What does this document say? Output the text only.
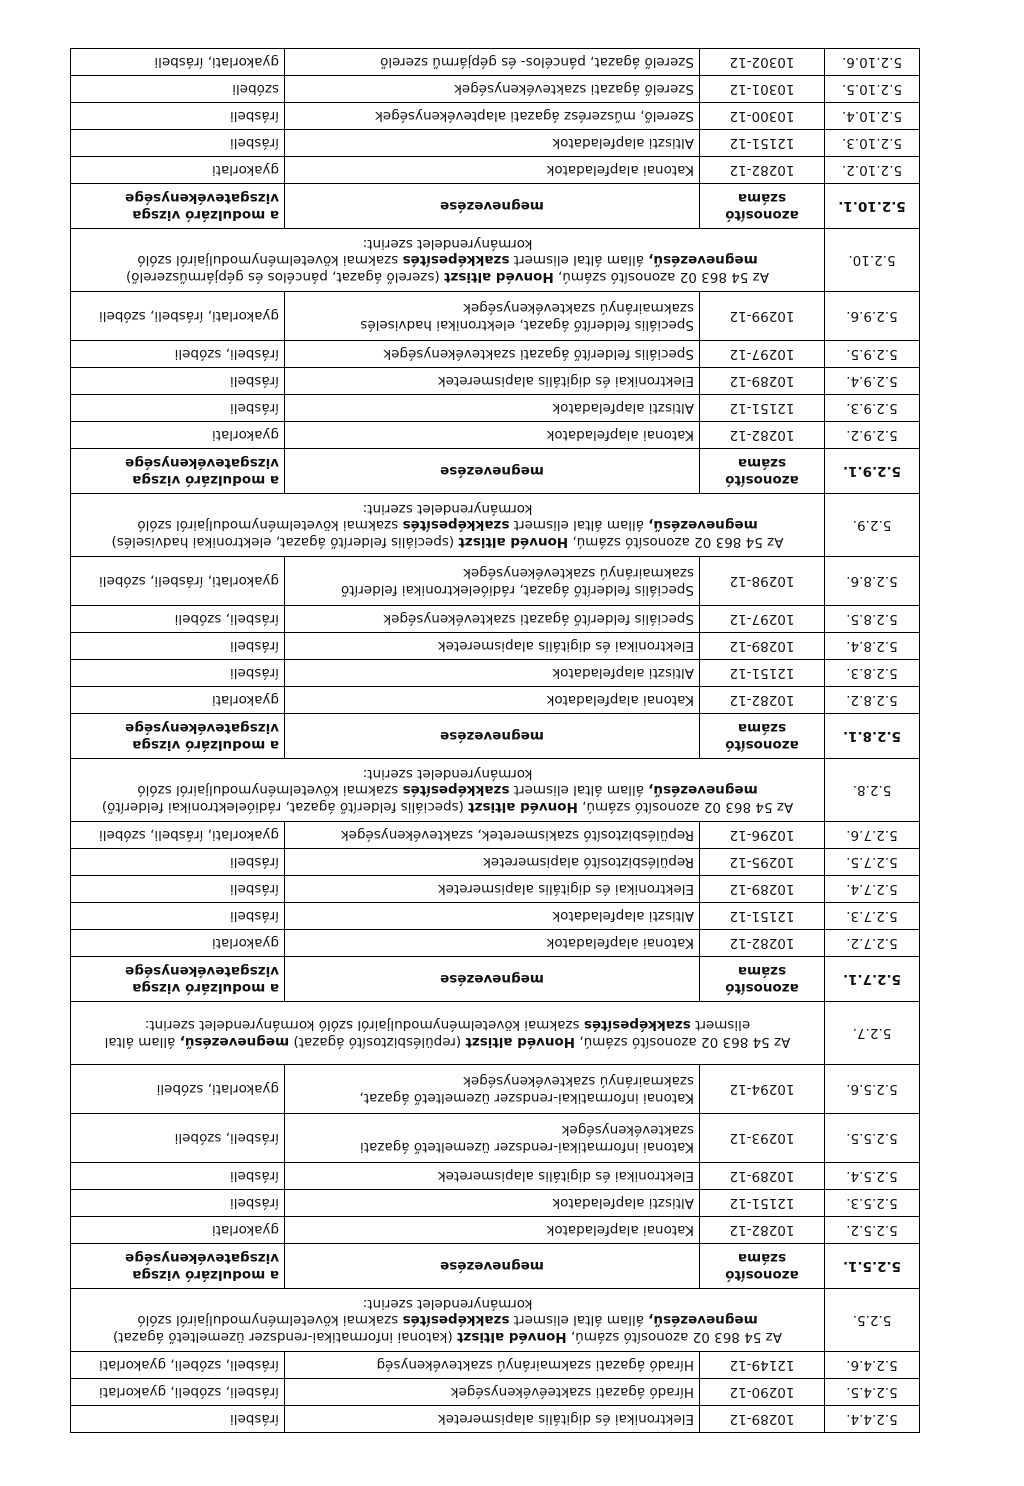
5.2.4.4.	10289-12	Elektronikai és digitális alapismeretek	írásbeli
5.2.4.5.	10290-12	Híradó ágazati szakteévékenységek	írásbeli, szóbeli, gyakorlati
5.2.4.6.	12149-12	Híradó ágazati szakmairányú szaktevékenység	írásbeli, szóbeli, gyakorlati
5.2.5.	Az 54 863 02 azonosító számú, Honvéd altiszt (katonai informatikai-rendszer üzemeltető ágazat) megnevezésű, állam által elismert szakképesítés szakmai követelménymoduljairól szóló kormányrendelet szerint:		
5.2.5.1.	azonosító száma	megnevezése	a modulzáró vizsga vizsgatevékenysége
5.2.5.2.	10282-12	Katonai alapfeladatok	gyakorlati
5.2.5.3.	12151-12	Altiszti alapfeladatok	írásbeli
5.2.5.4.	10289-12	Elektronikai és digitális alapismeretek	írásbeli
5.2.5.5.	10293-12	Katonai informatikai-rendszer üzemeltető ágazati szaktevékenységek	írásbeli, szóbeli
5.2.5.6.	10294-12	Katonai informatikai-rendszer üzemeltető ágazat, szakmairányú szaktevékenységek	gyakorlati, szóbeli
5.2.7.	Az 54 863 02 azonosító számú, Honvéd altiszt (repülésbiztosító ágazat) megnevezésű, állam által elismert szakképesítés szakmai követelménymoduljairól szóló kormányrendelet szerint:		
5.2.7.1.	azonosító száma	megnevezése	a modulzáró vizsga vizsgatevékenysége
5.2.7.2.	10282-12	Katonai alapfeladatok	gyakorlati
5.2.7.3.	12151-12	Altiszti alapfeladatok	írásbeli
5.2.7.4.	10289-12	Elektronikai és digitális alapismeretek	írásbeli
5.2.7.5.	10295-12	Repülésbiztosító alapismeretek	írásbeli
5.2.7.6.	10296-12	Repülésbiztosító szakismeretek, szaktevékenységek	gyakorlati, írásbeli, szóbeli
5.2.8.	Az 54 863 02 azonosító számú, Honvéd altiszt (speciális felderítő ágazat, rádióelektronikai felderítő) megnevezésű, állam által elismert szakképesítés szakmai követelménymoduljairól szóló kormányrendelet szerint:		
5.2.8.1.	azonosító száma	megnevezése	a modulzáró vizsga vizsgatevékenysége
5.2.8.2.	10282-12	Katonai alapfeladatok	gyakorlati
5.2.8.3.	12151-12	Altiszti alapfeladatok	írásbeli
5.2.8.4.	10289-12	Elektronikai és digitális alapismeretek	írásbeli
5.2.8.5.	10297-12	Speciális felderítő ágazati szaktevékenységek	írásbeli, szóbeli
5.2.8.6.	10298-12	Speciális felderítő ágazat, rádióelektronikai felderítő szakmairányú szaktevékenységek	gyakorlati, írásbeli, szóbeli
5.2.9.	Az 54 863 02 azonosító számú, Honvéd altiszt (speciális felderítő ágazat, elektronikai hadviselés) megnevezésű, állam által elismert szakképesítés szakmai követelménymoduljairól szóló kormányrendelet szerint:		
5.2.9.1.	azonosító száma	megnevezése	a modulzáró vizsga vizsgatevékenysége
5.2.9.2.	10282-12	Katonai alapfeladatok	gyakorlati
5.2.9.3.	12151-12	Altiszti alapfeladatok	írásbeli
5.2.9.4.	10289-12	Elektronikai és digitális alapismeretek	írásbeli
5.2.9.5.	10297-12	Speciális felderítő ágazati szaktevékenységek	írásbeli, szóbeli
5.2.9.6.	10299-12	Speciális felderítő ágazat, elektronikai hadviselés szakmairányú szaktevékenységek	gyakorlati, írásbeli, szóbeli
5.2.10.	Az 54 863 02 azonosító számú, Honvéd altiszt (szerelő ágazat, páncélos és gépjárműszerelő) megnevezésű, állam által elismert szakképesítés szakmai követelménymoduljairól szóló kormányrendelet szerint:		
5.2.10.1.	azonosító száma	megnevezése	a modulzáró vizsga vizsgatevékenysége
5.2.10.2.	10282-12	Katonai alapfeladatok	gyakorlati
5.2.10.3.	12151-12	Altiszti alapfeladatok	írásbeli
5.2.10.4.	10300-12	Szerelő, műszerész ágazati alaptevékenységek	írásbeli
5.2.10.5.	10301-12	Szerelő ágazati szaktevékenységek	szóbeli
5.2.10.6.	10302-12	Szerelő ágazat, páncélos- és gépjármű szerelő	gyakorlati, írásbeli
